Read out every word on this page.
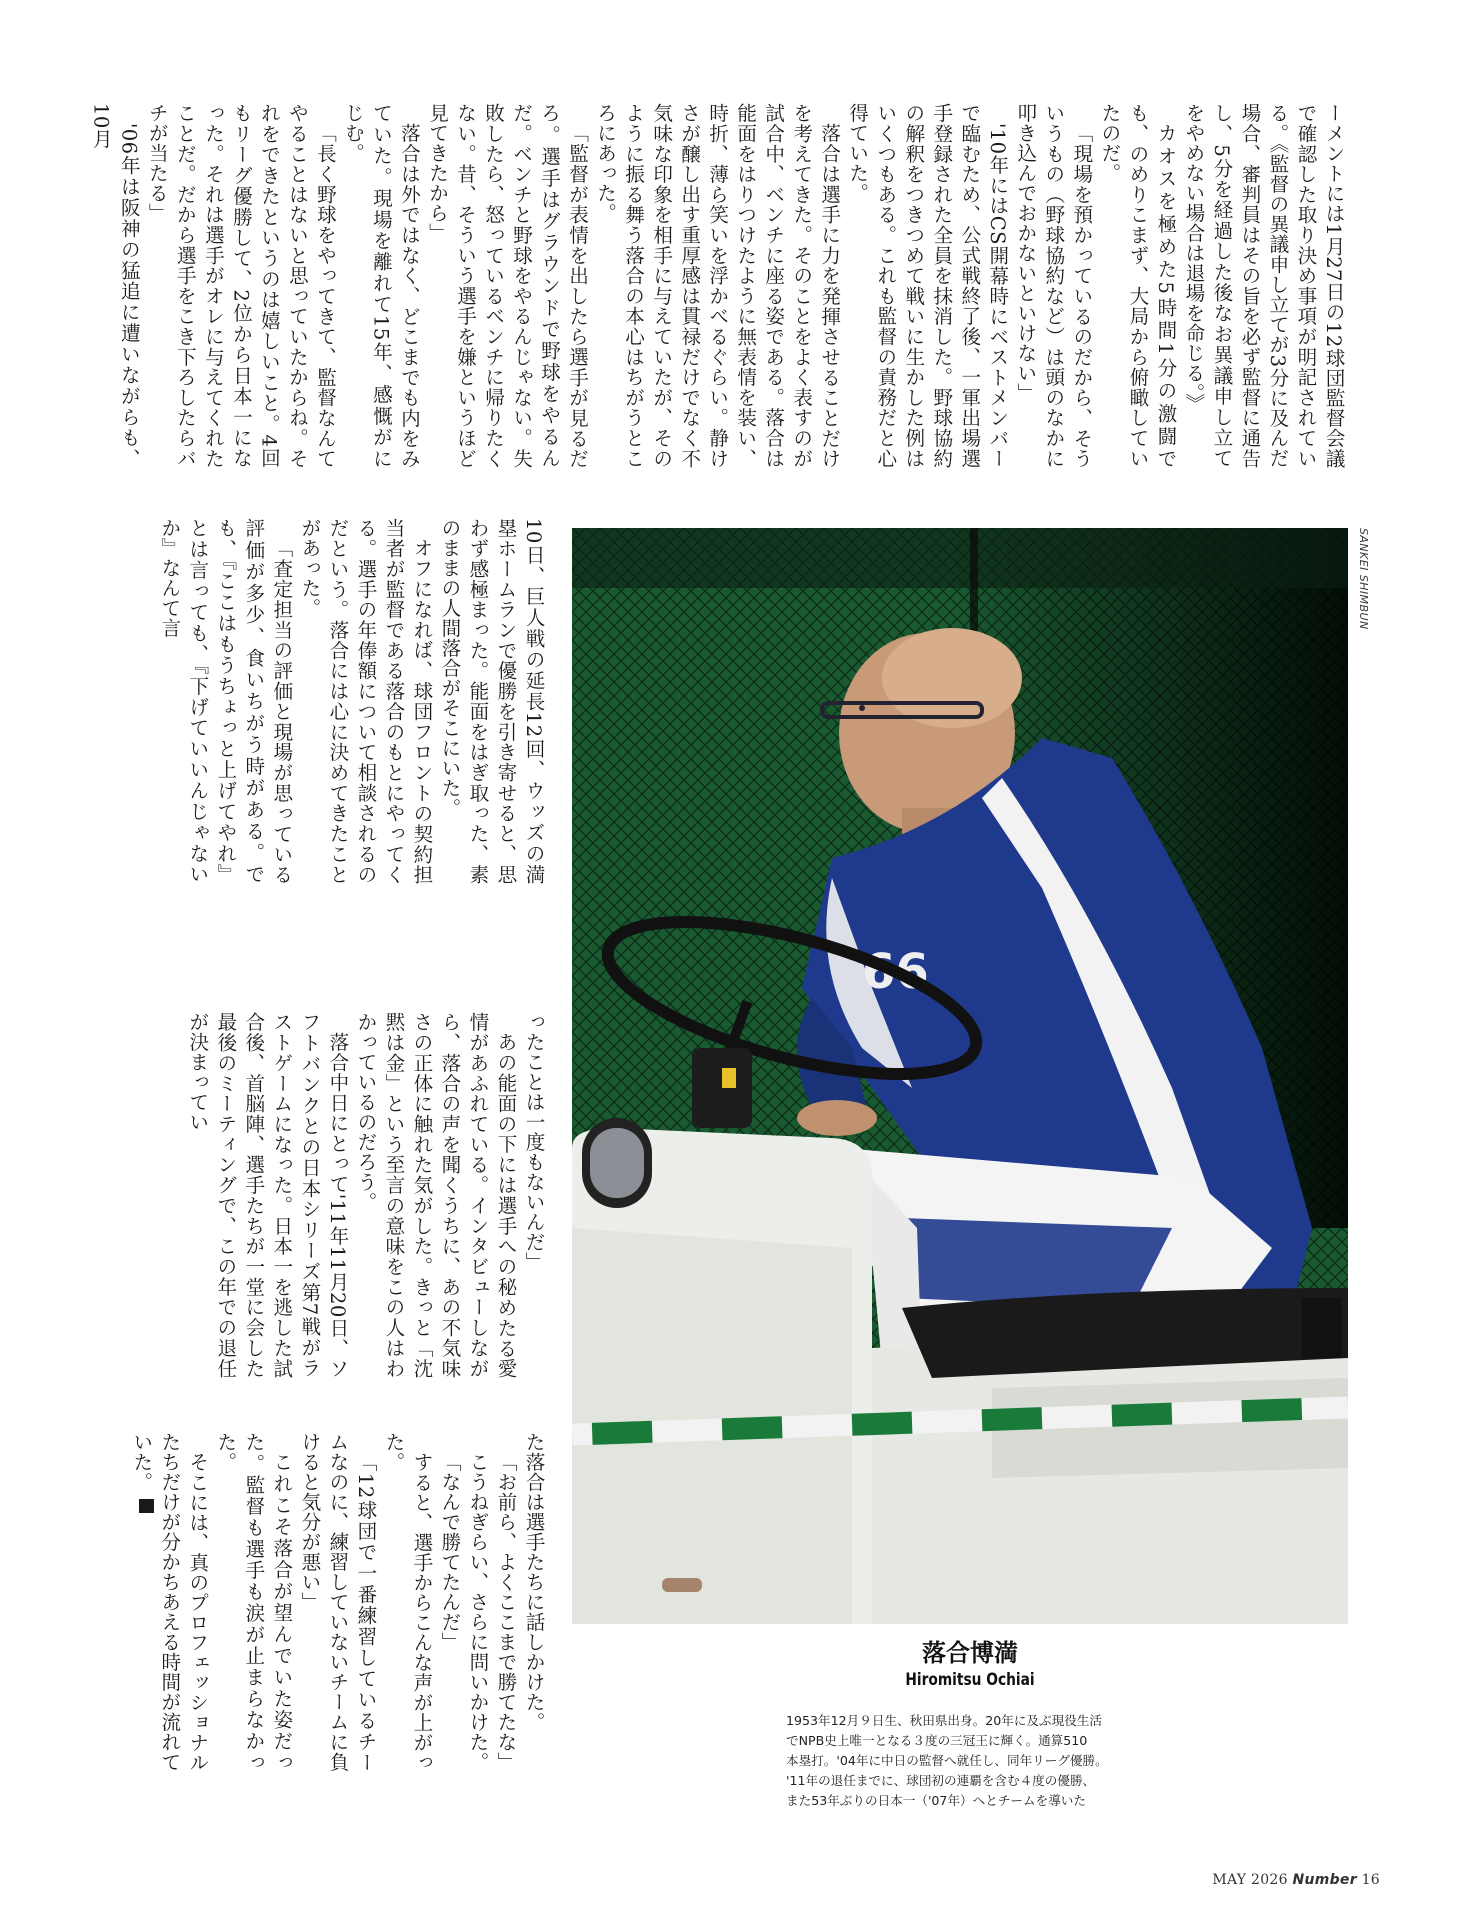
ーメントには1月27日の12球団監督会議で確認した取り決め事項が明記されている。《監督の異議申し立てが3分に及んだ場合、審判員はその旨を必ず監督に通告し、5分を経過した後なお異議申し立てをやめない場合は退場を命じる。》

カオスを極めた5時間1分の激闘でも、のめりこまず、大局から俯瞰していたのだ。

「現場を預かっているのだから、そういうもの（野球協約など）は頭のなかに叩き込んでおかないといけない」

'10年にはCS開幕時にベストメンバーで臨むため、公式戦終了後、一軍出場選手登録された全員を抹消した。野球協約の解釈をつきつめて戦いに生かした例はいくつもある。これも監督の責務だと心得ていた。

落合は選手に力を発揮させることだけを考えてきた。そのことをよく表すのが試合中、ベンチに座る姿である。落合は能面をはりつけたように無表情を装い、時折、薄ら笑いを浮かべるぐらい。静けさが醸し出す重厚感は貫禄だけでなく不気味な印象を相手に与えていたが、そのように振る舞う落合の本心はちがうところにあった。

「監督が表情を出したら選手が見るだろ。選手はグラウンドで野球をやるんだ。ベンチと野球をやるんじゃない。失敗したら、怒っているベンチに帰りたくない。昔、そういう選手を嫌というほど見てきたから」

落合は外ではなく、どこまでも内をみていた。現場を離れて15年、感慨がにじむ。

「長く野球をやってきて、監督なんてやることはないと思っていたからね。それをできたというのは嬉しいこと。4回もリーグ優勝して、2位から日本一になった。それは選手がオレに与えてくれたことだ。だから選手をこき下ろしたらバチが当たる」

'06年は阪神の猛追に遭いながらも、10月

10日、巨人戦の延長12回、ウッズの満塁ホームランで優勝を引き寄せると、思わず感極まった。能面をはぎ取った、素のままの人間落合がそこにいた。

オフになれば、球団フロントの契約担当者が監督である落合のもとにやってくる。選手の年俸額について相談されるのだという。落合には心に決めてきたことがあった。

「査定担当の評価と現場が思っている評価が多少、食いちがう時がある。でも、『ここはもうちょっと上げてやれ』とは言っても、『下げていいんじゃないか』なんて言

ったことは一度もないんだ」

あの能面の下には選手への秘めたる愛情があふれている。インタビューしながら、落合の声を聞くうちに、あの不気味さの正体に触れた気がした。きっと「沈黙は金」という至言の意味をこの人はわかっているのだろう。

落合中日にとって'11年11月20日、ソフトバンクとの日本シリーズ第7戦がラストゲームになった。日本一を逃した試合後、首脳陣、選手たちが一堂に会した最後のミーティングで、この年での退任が決まってい

た落合は選手たちに話しかけた。

「お前ら、よくここまで勝てたな」

こうねぎらい、さらに問いかけた。

「なんで勝てたんだ」

すると、選手からこんな声が上がった。

「12球団で一番練習しているチームなのに、練習していないチームに負けると気分が悪い」

これこそ落合が望んでいた姿だった。監督も選手も涙が止まらなかった。

そこには、真のプロフェッショナルたちだけが分かちあえる時間が流れていた。

66
SANKEI SHIMBUN
落合博満
Hiromitsu Ochiai
1953年12月９日生、秋田県出身。20年に及ぶ現役生活
でNPB史上唯一となる３度の三冠王に輝く。通算510
本塁打。'04年に中日の監督へ就任し、同年リーグ優勝。
'11年の退任までに、球団初の連覇を含む４度の優勝、
また53年ぶりの日本一（'07年）へとチームを導いた
MAY 2026 Number 16
